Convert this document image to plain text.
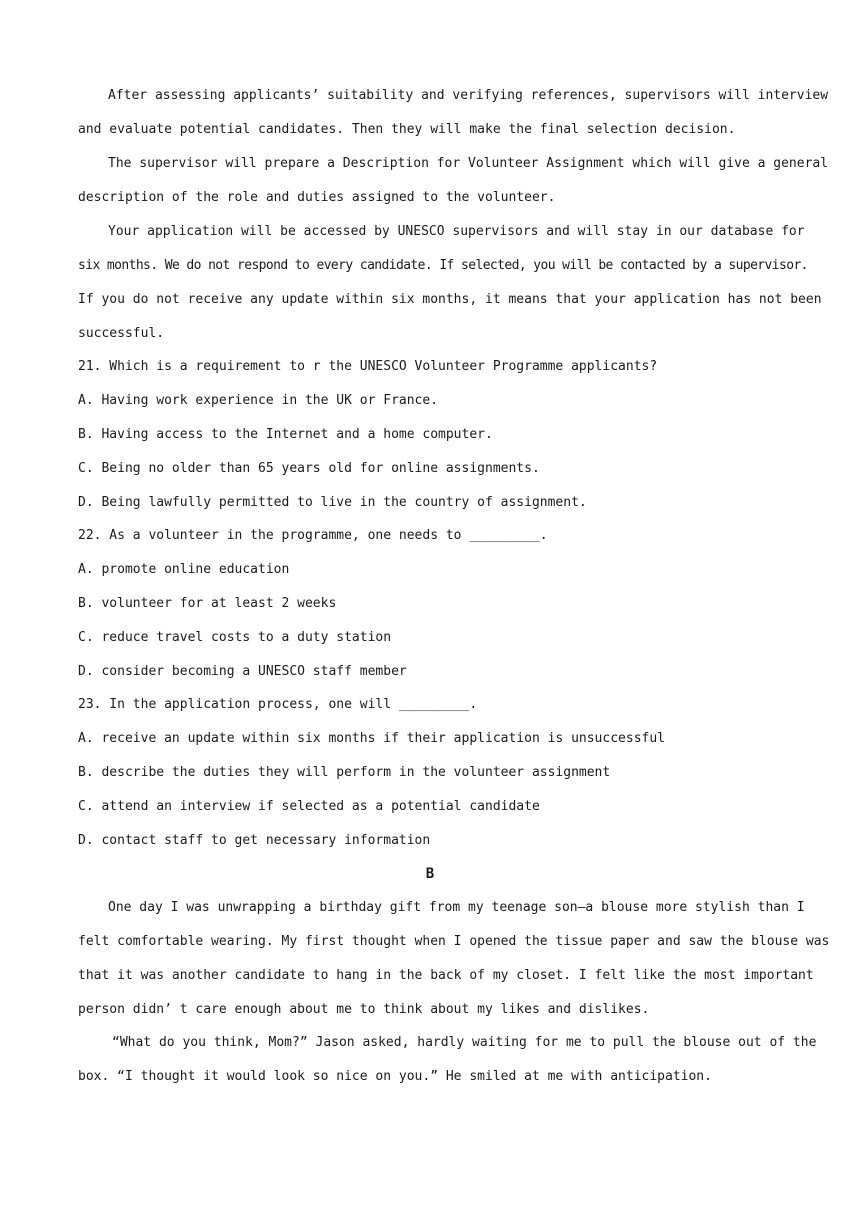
After assessing applicants’ suitability and verifying references, supervisors will interview
and evaluate potential candidates. Then they will make the final selection decision.
The supervisor will prepare a Description for Volunteer Assignment which will give a general
description of the role and duties assigned to the volunteer.
Your application will be accessed by UNESCO supervisors and will stay in our database for
six months. We do not respond to every candidate. If selected, you will be contacted by a supervisor.
If you do not receive any update within six months, it means that your application has not been
successful.
21. Which is a requirement to r the UNESCO Volunteer Programme applicants?
A. Having work experience in the UK or France.
B. Having access to the Internet and a home computer.
C. Being no older than 65 years old for online assignments.
D. Being lawfully permitted to live in the country of assignment.
22. As a volunteer in the programme, one needs to _________.
A. promote online education
B. volunteer for at least 2 weeks
C. reduce travel costs to a duty station
D. consider becoming a UNESCO staff member
23. In the application process, one will _________.
A. receive an update within six months if their application is unsuccessful
B. describe the duties they will perform in the volunteer assignment
C. attend an interview if selected as a potential candidate
D. contact staff to get necessary information
B
One day I was unwrapping a birthday gift from my teenage son—a blouse more stylish than I
felt comfortable wearing. My first thought when I opened the tissue paper and saw the blouse was
that it was another candidate to hang in the back of my closet. I felt like the most important
person didn’ t care enough about me to think about my likes and dislikes.
“What do you think, Mom?” Jason asked, hardly waiting for me to pull the blouse out of the
box. “I thought it would look so nice on you.” He smiled at me with anticipation.
